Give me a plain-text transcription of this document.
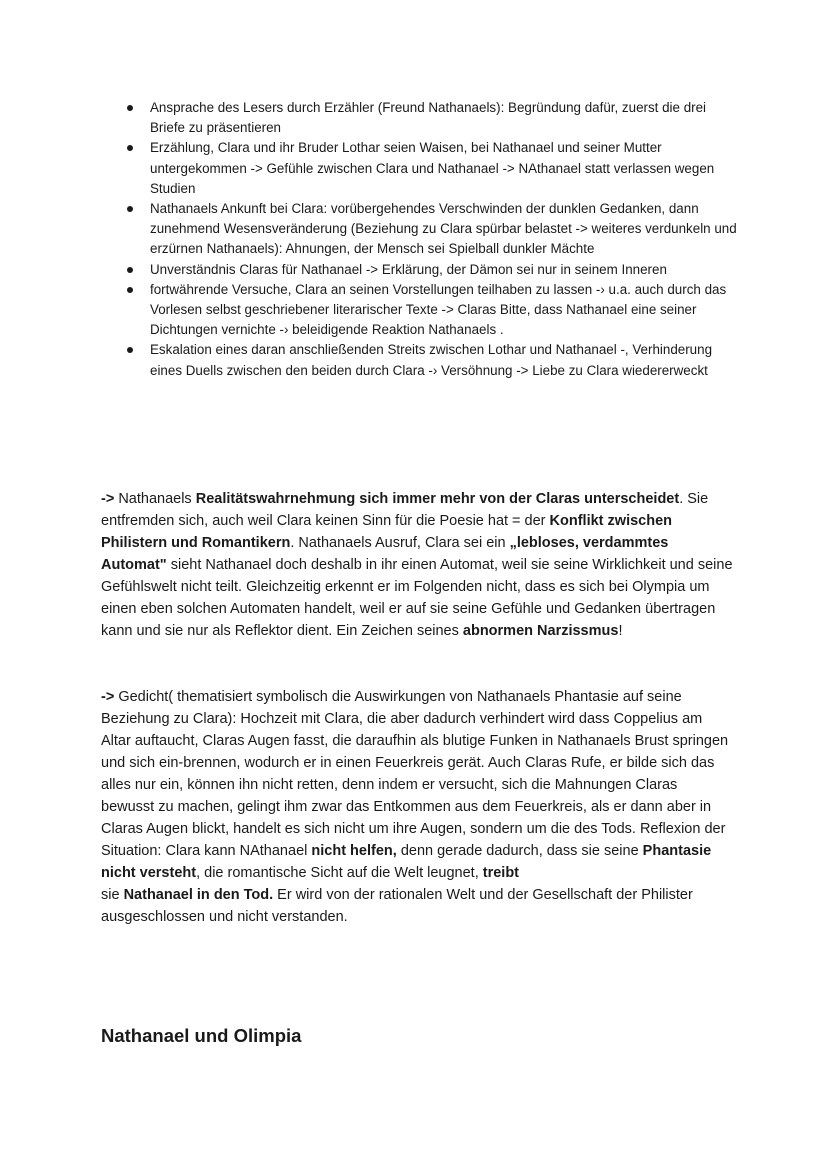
Ansprache des Lesers durch Erzähler (Freund Nathanaels): Begründung dafür, zuerst die drei Briefe zu präsentieren
Erzählung, Clara und ihr Bruder Lothar seien Waisen, bei Nathanael und seiner Mutter untergekommen -> Gefühle zwischen Clara und Nathanael -> NAthanael statt verlassen wegen Studien
Nathanaels Ankunft bei Clara: vorübergehendes Verschwinden der dunklen Gedanken, dann zunehmend Wesensveränderung (Beziehung zu Clara spürbar belastet -> weiteres verdunkeln und erzürnen Nathanaels): Ahnungen, der Mensch sei Spielball dunkler Mächte
Unverständnis Claras für Nathanael -> Erklärung, der Dämon sei nur in seinem Inneren
fortwährende Versuche, Clara an seinen Vorstellungen teilhaben zu lassen -› u.a. auch durch das Vorlesen selbst geschriebener literarischer Texte -> Claras Bitte, dass Nathanael eine seiner Dichtungen vernichte -› beleidigende Reaktion Nathanaels .
Eskalation eines daran anschließenden Streits zwischen Lothar und Nathanael -, Verhinderung eines Duells zwischen den beiden durch Clara -› Versöhnung -> Liebe zu Clara wiedererweckt

-> Nathanaels Realitätswahrnehmung sich immer mehr von der Claras unterscheidet. Sie entfremden sich, auch weil Clara keinen Sinn für die Poesie hat = der Konflikt zwischen Philistern und Romantikern. Nathanaels Ausruf, Clara sei ein „lebloses, verdammtes Automat" sieht Nathanael doch deshalb in ihr einen Automat, weil sie seine Wirklichkeit und seine Gefühlswelt nicht teilt. Gleichzeitig erkennt er im Folgenden nicht, dass es sich bei Olympia um einen eben solchen Automaten handelt, weil er auf sie seine Gefühle und Gedanken übertragen kann und sie nur als Reflektor dient. Ein Zeichen seines abnormen Narzissmus!

-> Gedicht( thematisiert symbolisch die Auswirkungen von Nathanaels Phantasie auf seine Beziehung zu Clara): Hochzeit mit Clara, die aber dadurch verhindert wird dass Coppelius am Altar auftaucht, Claras Augen fasst, die daraufhin als blutige Funken in Nathanaels Brust springen und sich ein-brennen, wodurch er in einen Feuerkreis gerät. Auch Claras Rufe, er bilde sich das alles nur ein, können ihn nicht retten, denn indem er versucht, sich die Mahnungen Claras bewusst zu machen, gelingt ihm zwar das Entkommen aus dem Feuerkreis, als er dann aber in Claras Augen blickt, handelt es sich nicht um ihre Augen, sondern um die des Tods. Reflexion der Situation: Clara kann NAthanael nicht helfen, denn gerade dadurch, dass sie seine Phantasie nicht versteht, die romantische Sicht auf die Welt leugnet, treibt
sie Nathanael in den Tod. Er wird von der rationalen Welt und der Gesellschaft der Philister ausgeschlossen und nicht verstanden.

Nathanael und Olimpia
